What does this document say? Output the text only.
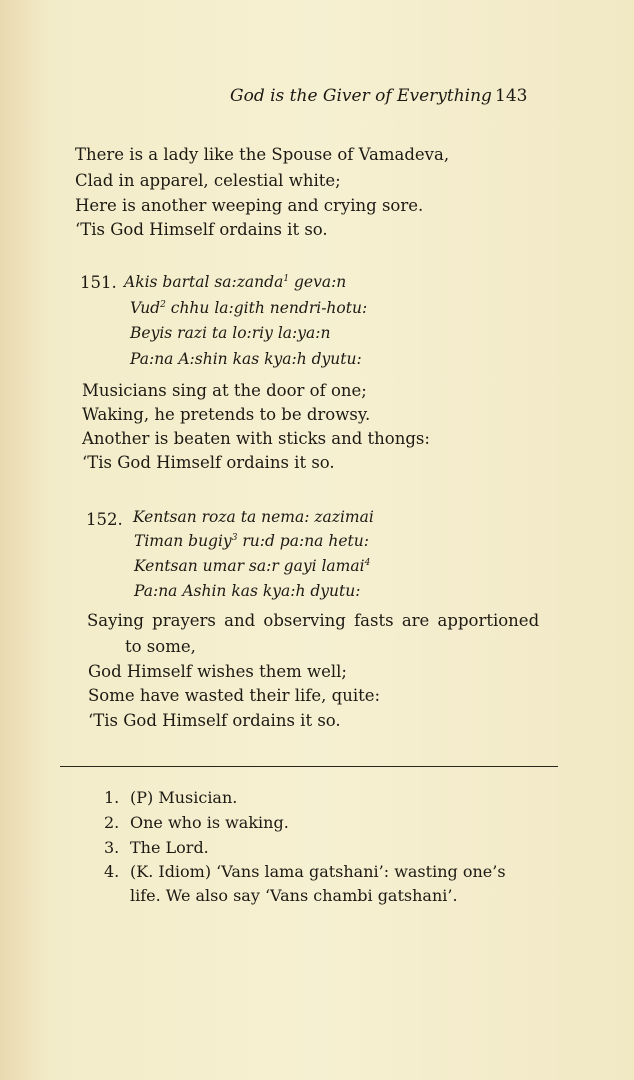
God is the Giver of Everything 143
There is a lady like the Spouse of Vamadeva,
Clad in apparel, celestial white;
Here is another weeping and crying sore.
‘Tis God Himself ordains it so.
151. Akis bartal sa:zanda$^1$ geva:n
Vud$^2$ chhu la:gith nendri-hotu:
Beyis razi ta lo:riy la:ya:n
Pa:na A:shin kas kya:h dyutu:
Musicians sing at the door of one;
Waking, he pretends to be drowsy.
Another is beaten with sticks and thongs:
‘Tis God Himself ordains it so.
152. Kentsan roza ta nema: zazimai
Timan bugiy$^3$ ru:d pa:na hetu:
Kentsan umar sa:r gayi lamai$^4$
Pa:na Ashin kas kya:h dyutu:
Saying prayers and observing fasts are apportioned
to some,
God Himself wishes them well;
Some have wasted their life, quite:
‘Tis God Himself ordains it so.
1. (P) Musician.
2. One who is waking.
3. The Lord.
4. (K. Idiom) ‘Vans lama gatshani’: wasting one’s
life. We also say ‘Vans chambi gatshani’.
